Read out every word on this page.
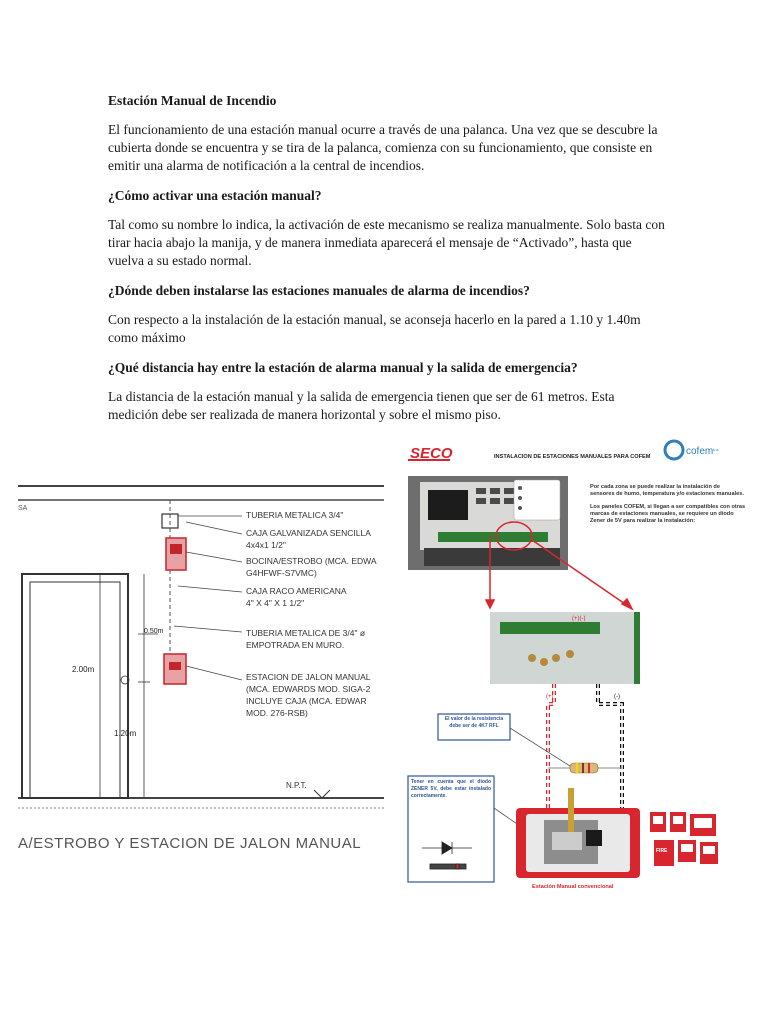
Estación Manual de Incendio

El funcionamiento de una estación manual ocurre a través de una palanca. Una vez que se descubre la cubierta donde se encuentra y se tira de la palanca, comienza con su funcionamiento, que consiste en emitir una alarma de notificación a la central de incendios.

¿Cómo activar una estación manual?

Tal como su nombre lo indica, la activación de este mecanismo se realiza manualmente. Solo basta con tirar hacia abajo la manija, y de manera inmediata aparecerá el mensaje de “Activado”, hasta que vuelva a su estado normal.

¿Dónde deben instalarse las estaciones manuales de alarma de incendios?

Con respecto a la instalación de la estación manual, se aconseja hacerlo en la pared a 1.10 y 1.40m como máximo

¿Qué distancia hay entre la estación de alarma manual y la salida de emergencia?

La distancia de la estación manual y la salida de emergencia tienen que ser de 61 metros. Esta medición debe ser realizada de manera horizontal y sobre el mismo piso.

SA
2.00m
0.50m
1.20m
TUBERIA METALICA 3/4"
CAJA GALVANIZADA SENCILLA
4x4x1 1/2"
BOCINA/ESTROBO (MCA. EDWA
G4HFWF-S7VMC)
CAJA RACO AMERICANA
4" X 4" X 1 1/2"
TUBERIA METALICA DE 3/4" ø
EMPOTRADA EN MURO.
ESTACION DE JALON MANUAL
(MCA. EDWARDS MOD. SIGA-2
INCLUYE CAJA (MCA. EDWAR
MOD. 276-RSB)
N.P.T.
A/ESTROBO Y ESTACION DE JALON MANUAL
SECO	INSTALACION DE ESTACIONES MANUALES PARA COFEM	cofem s.a.
Por cada zona se puede realizar la instalación de sensores de humo, temperatura y/o estaciones manuales.
Los paneles COFEM, si llegan a ser compatibles con otras marcas de estaciones manuales, se requiere un diodo Zener de 5V para realizar la instalación:
(+)(-)
(+)	(-)
El valor de la resistencia debe ser de 4K7 RFL
Tener en cuenta que el diodo ZENER 5V, debe estar instalado correctamente.
Estación Manual convencional
FIRE
